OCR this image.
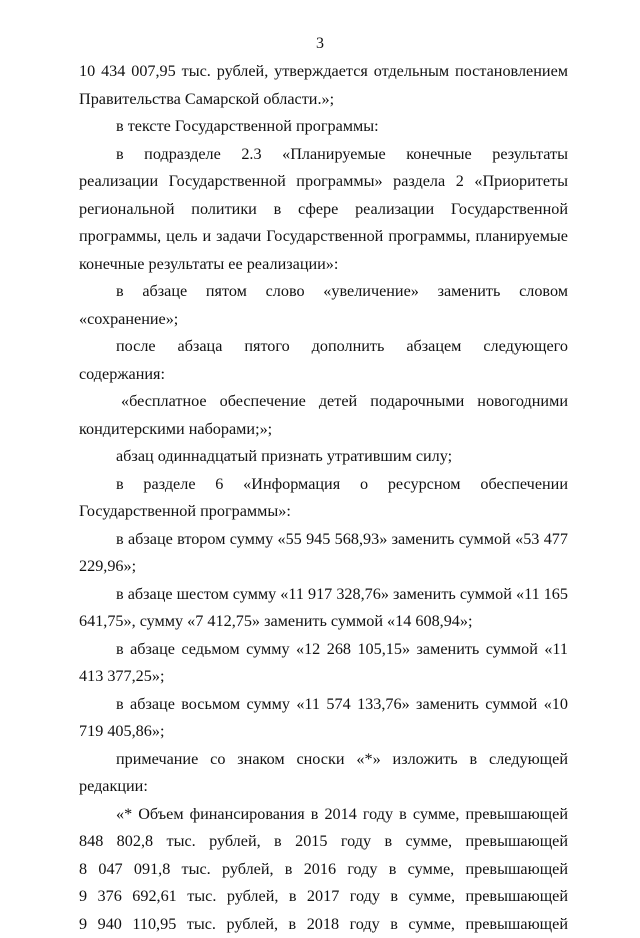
3

10 434 007,95 тыс. рублей, утверждается отдельным постановлением Правительства Самарской области.»;

в тексте Государственной программы:

в подразделе 2.3 «Планируемые конечные результаты реализации Государственной программы» раздела 2 «Приоритеты региональной политики в сфере реализации Государственной программы, цель и задачи Государственной программы, планируемые конечные результаты ее реализации»:

в абзаце пятом слово «увеличение» заменить словом «сохранение»;

после абзаца пятого дополнить абзацем следующего содержания:

«бесплатное обеспечение детей подарочными новогодними кондитерскими наборами;»;

абзац одиннадцатый признать утратившим силу;

в разделе 6 «Информация о ресурсном обеспечении Государственной программы»:

в абзаце втором сумму «55 945 568,93» заменить суммой «53 477 229,96»;

в абзаце шестом сумму «11 917 328,76» заменить суммой «11 165 641,75», сумму «7 412,75» заменить суммой «14 608,94»;

в абзаце седьмом сумму «12 268 105,15» заменить суммой «11 413 377,25»;

в абзаце восьмом сумму «11 574 133,76» заменить суммой «10 719 405,86»;

примечание со знаком сноски «*» изложить в следующей редакции:

«* Объем финансирования в 2014 году в сумме, превышающей
848 802,8 тыс. рублей, в 2015 году в сумме, превышающей
8 047 091,8 тыс. рублей, в 2016 году в сумме, превышающей
9 376 692,61 тыс. рублей, в 2017 году в сумме, превышающей
9 940 110,95 тыс. рублей, в 2018 году в сумме, превышающей
